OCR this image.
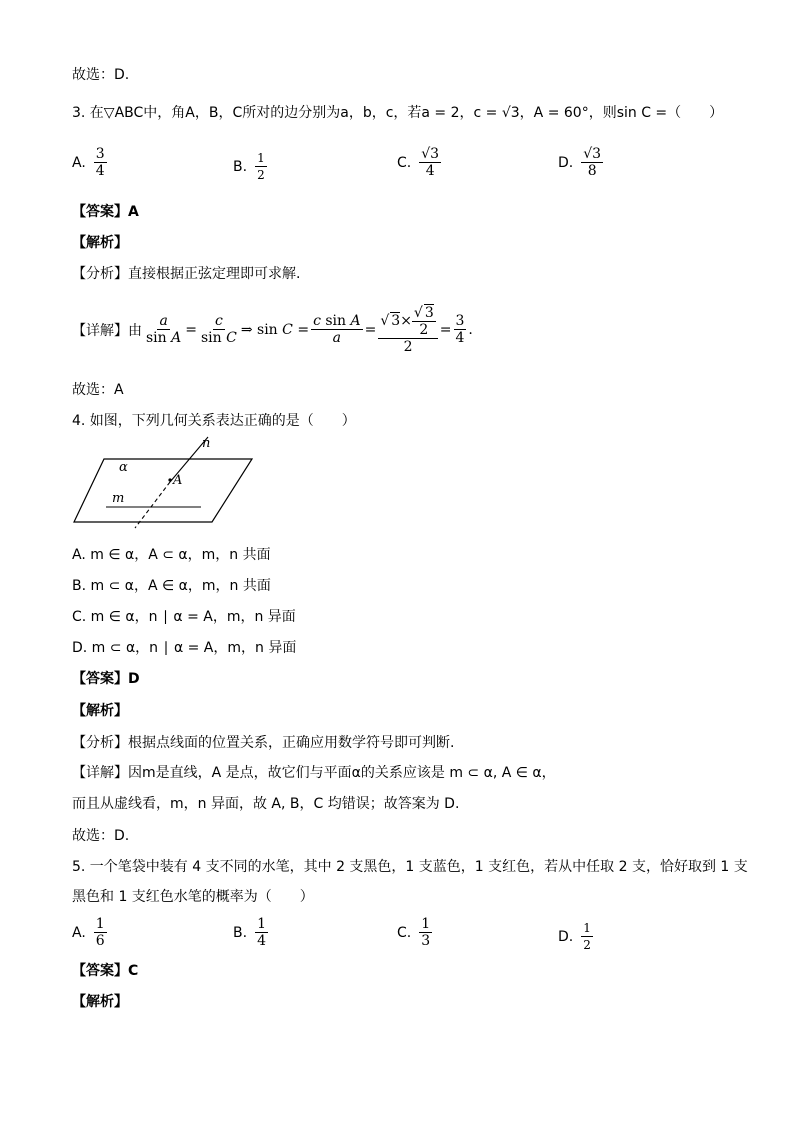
故选：D.
3. 在▽ABC中，角A，B，C所对的边分别为a，b，c，若a = 2，c = √3，A = 60°，则sin C =（　　）
A. $\frac{3}{4}$	B. $\frac{1}{2}$	C. $\frac{√3}{4}$	D. $\frac{√3}{8}$
【答案】A
【解析】
【分析】直接根据正弦定理即可求解.
【详解】由 $\frac{a}{\text{sin A}} = \frac{c}{\text{sin C}}$ ⇒ sin
C
= $\frac{\text{c sin A}}{a} = \frac{√ 3\times \frac{√ 3}{2}}{2} = \frac{3}{4}$ .
故选：A
4. 如图，下列几何关系表达正确的是（　　）
n
α
A
m
A. m ∈ α，A ⊂ α，m，n 共面
B. m ⊂ α，A ∈ α，m，n 共面
C. m ∈ α，n ∣ α = A，m，n 异面
D. m ⊂ α，n ∣ α = A，m，n 异面
【答案】D
【解析】
【分析】根据点线面的位置关系，正确应用数学符号即可判断.
【详解】因m是直线，A 是点，故它们与平面α的关系应该是 m ⊂ α, A ∈ α，
而且从虚线看，m，n 异面，故 A, B，C 均错误；故答案为 D.
故选：D.
5. 一个笔袋中装有 4 支不同的水笔，其中 2 支黑色，1 支蓝色，1 支红色，若从中任取 2 支，恰好取到 1 支
黑色和 1 支红色水笔的概率为（　　）
A. $\frac{1}{6}$	B. $\frac{1}{4}$	C. $\frac{1}{3}$	D. $\frac{1}{2}$
【答案】C
【解析】
